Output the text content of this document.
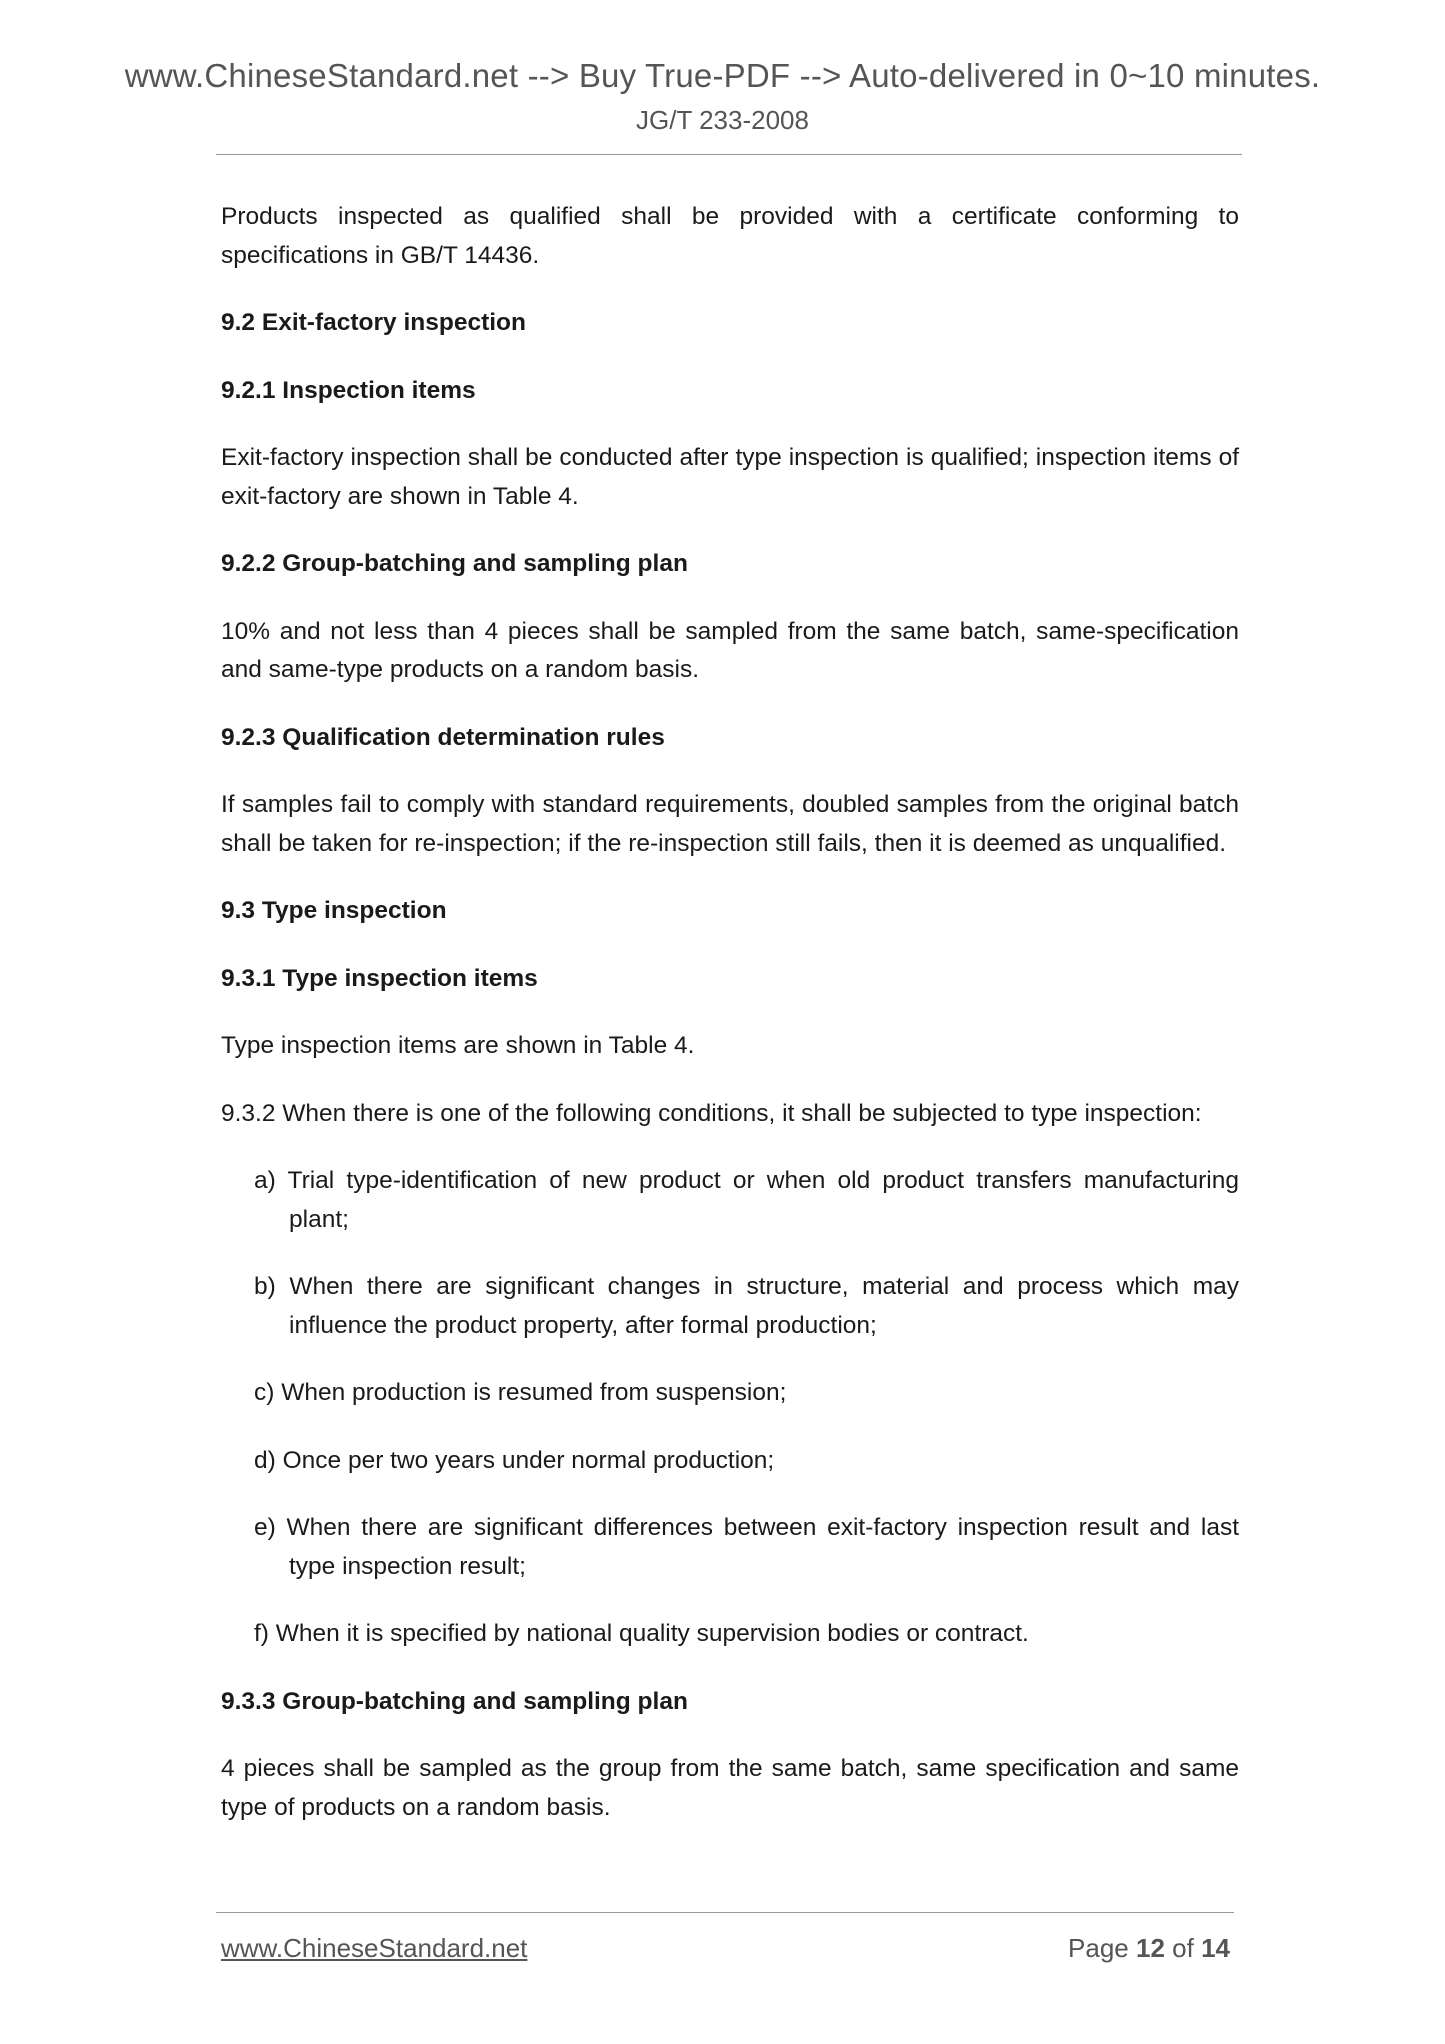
www.ChineseStandard.net --> Buy True-PDF --> Auto-delivered in 0~10 minutes.
JG/T 233-2008

Products inspected as qualified shall be provided with a certificate conforming to specifications in GB/T 14436.

9.2 Exit-factory inspection
9.2.1 Inspection items

Exit-factory inspection shall be conducted after type inspection is qualified; inspection items of exit-factory are shown in Table 4.

9.2.2 Group-batching and sampling plan

10% and not less than 4 pieces shall be sampled from the same batch, same-specification and same-type products on a random basis.

9.2.3 Qualification determination rules

If samples fail to comply with standard requirements, doubled samples from the original batch shall be taken for re-inspection; if the re-inspection still fails, then it is deemed as unqualified.

9.3 Type inspection
9.3.1 Type inspection items

Type inspection items are shown in Table 4.

9.3.2 When there is one of the following conditions, it shall be subjected to type inspection:

a) Trial type-identification of new product or when old product transfers manufacturing plant;
b) When there are significant changes in structure, material and process which may influence the product property, after formal production;
c) When production is resumed from suspension;
d) Once per two years under normal production;
e) When there are significant differences between exit-factory inspection result and last type inspection result;
f) When it is specified by national quality supervision bodies or contract.
9.3.3 Group-batching and sampling plan

4 pieces shall be sampled as the group from the same batch, same specification and same type of products on a random basis.

www.ChineseStandard.net	Page 12 of 14
